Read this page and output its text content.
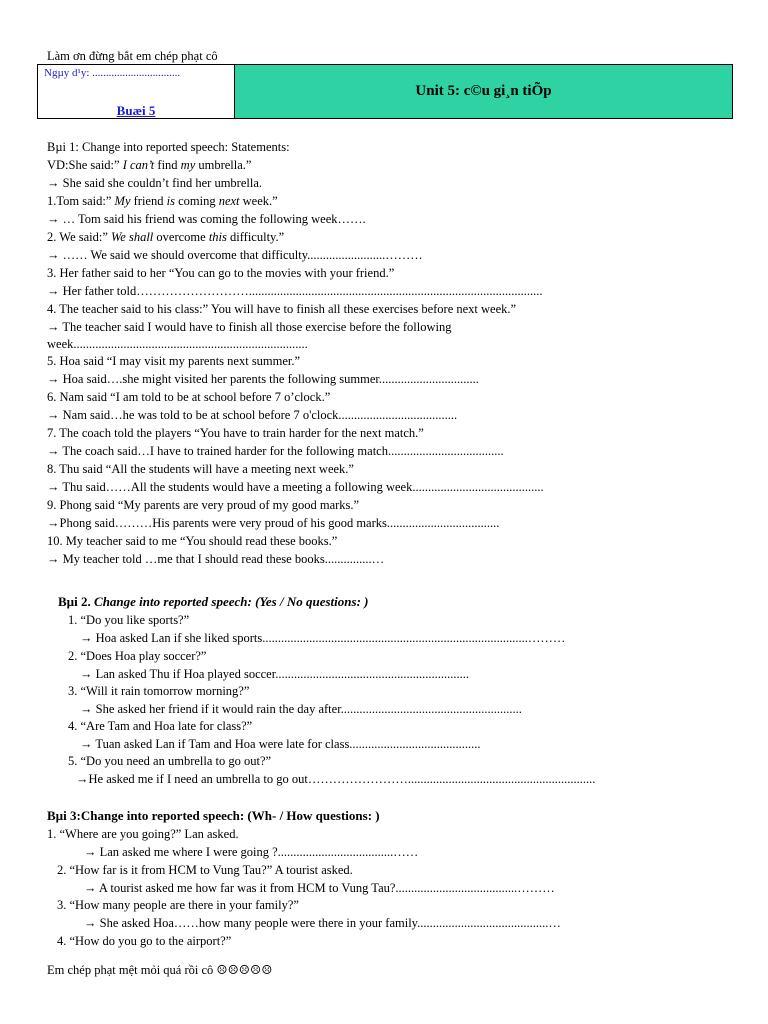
Làm ơn đừng bắt em chép phạt cô
Ngµy d¹y: ................................
Buæi 5
Unit 5: c©u gi¸n tiÕp
Bµi 1: Change into reported speech: Statements:
VD:She said:” I can’t find my umbrella.”
→ She said she couldn’t find her umbrella.
1.Tom said:” My friend is coming next week.”
→ … Tom said his friend was coming the following week…….
2. We said:” We shall overcome this difficulty.”
→ …… We said we should overcome that difficulty.........................………
3. Her father said to her “You can go to the movies with your friend.”
→ Her father told………………………..............................................................................................
4. The teacher said to his class:” You will have to finish all these exercises before next week.”
→ The teacher said I would have to finish all those exercise before the following
week...........................................................................
5. Hoa said “I may visit my parents next summer.”
→ Hoa said….she might visited her parents the following summer................................
6. Nam said “I am told to be at school before 7 o’clock.”
→ Nam said…he was told to be at school before 7 o'clock......................................
7. The coach told the players “You have to train harder for the next match.”
→ The coach said…I have to trained harder for the following match.....................................
8. Thu said “All the students will have a meeting next week.”
→ Thu said……All the students would have a meeting a following week..........................................
9. Phong said “My parents are very proud of my good marks.”
→Phong said………His parents were very proud of his good marks....................................
10. My teacher said to me “You should read these books.”
→ My teacher told …me that I should read these books...............…
Bµi 2. Change into reported speech: (Yes / No questions: )
1. “Do you like sports?”
→ Hoa asked Lan if she liked sports.....................................................................................………
2. “Does Hoa play soccer?”
→ Lan asked Thu if Hoa played soccer..............................................................
3. “Will it rain tomorrow morning?”
→ She asked her friend if it would rain the day after..........................................................
4. “Are Tam and Hoa late for class?”
→ Tuan asked Lan if Tam and Hoa were late for class..........................................
5. “Do you need an umbrella to go out?”
→He asked me if I need an umbrella to go out……………………............................................................
Bµi 3:Change into reported speech: (Wh- / How questions: )
1. “Where are you going?” Lan asked.
→ Lan asked me where I were going ?.....................................……
2. “How far is it from HCM to Vung Tau?” A tourist asked.
→ A tourist asked me how far was it from HCM to Vung Tau?.......................................………
3. “How many people are there in your family?”
→ She asked Hoa……how many people were there in your family..........................................…
4. “How do you go to the airport?”
Em chép phạt mệt mỏi quá rồi cô ☹☹☹☹☹
